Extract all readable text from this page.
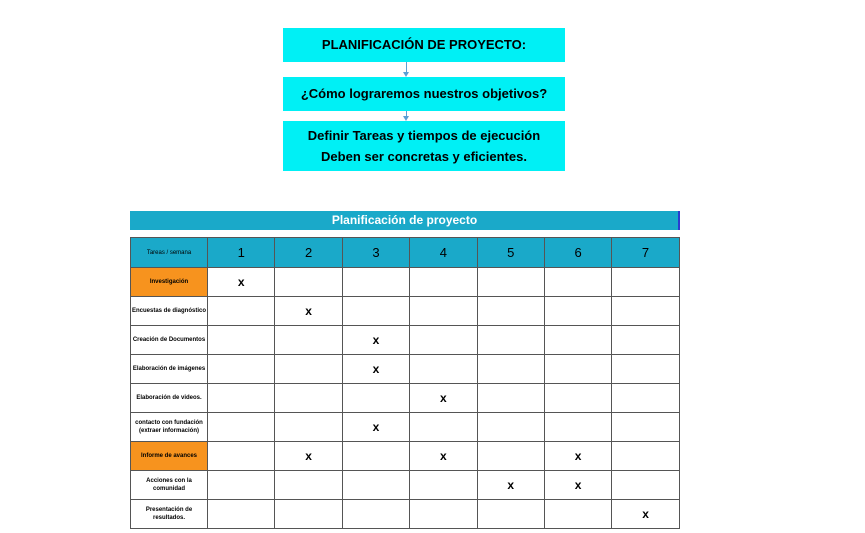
PLANIFICACIÓN DE PROYECTO:
¿Cómo lograremos nuestros objetivos?
Definir Tareas y tiempos de ejecución
Deben ser concretas y eficientes.
Planificación de proyecto
Tareas / semana	1	2	3	4	5	6	7
Investigación	x						
Encuestas de diagnóstico		x					
Creación de Documentos			x				
Elaboración de imágenes			x				
Elaboración de videos.				x			
contacto con fundación (extraer información)			x				
Informe de avances		x		x		x	
Acciones con la comunidad					x	x	
Presentación de resultados.							x
